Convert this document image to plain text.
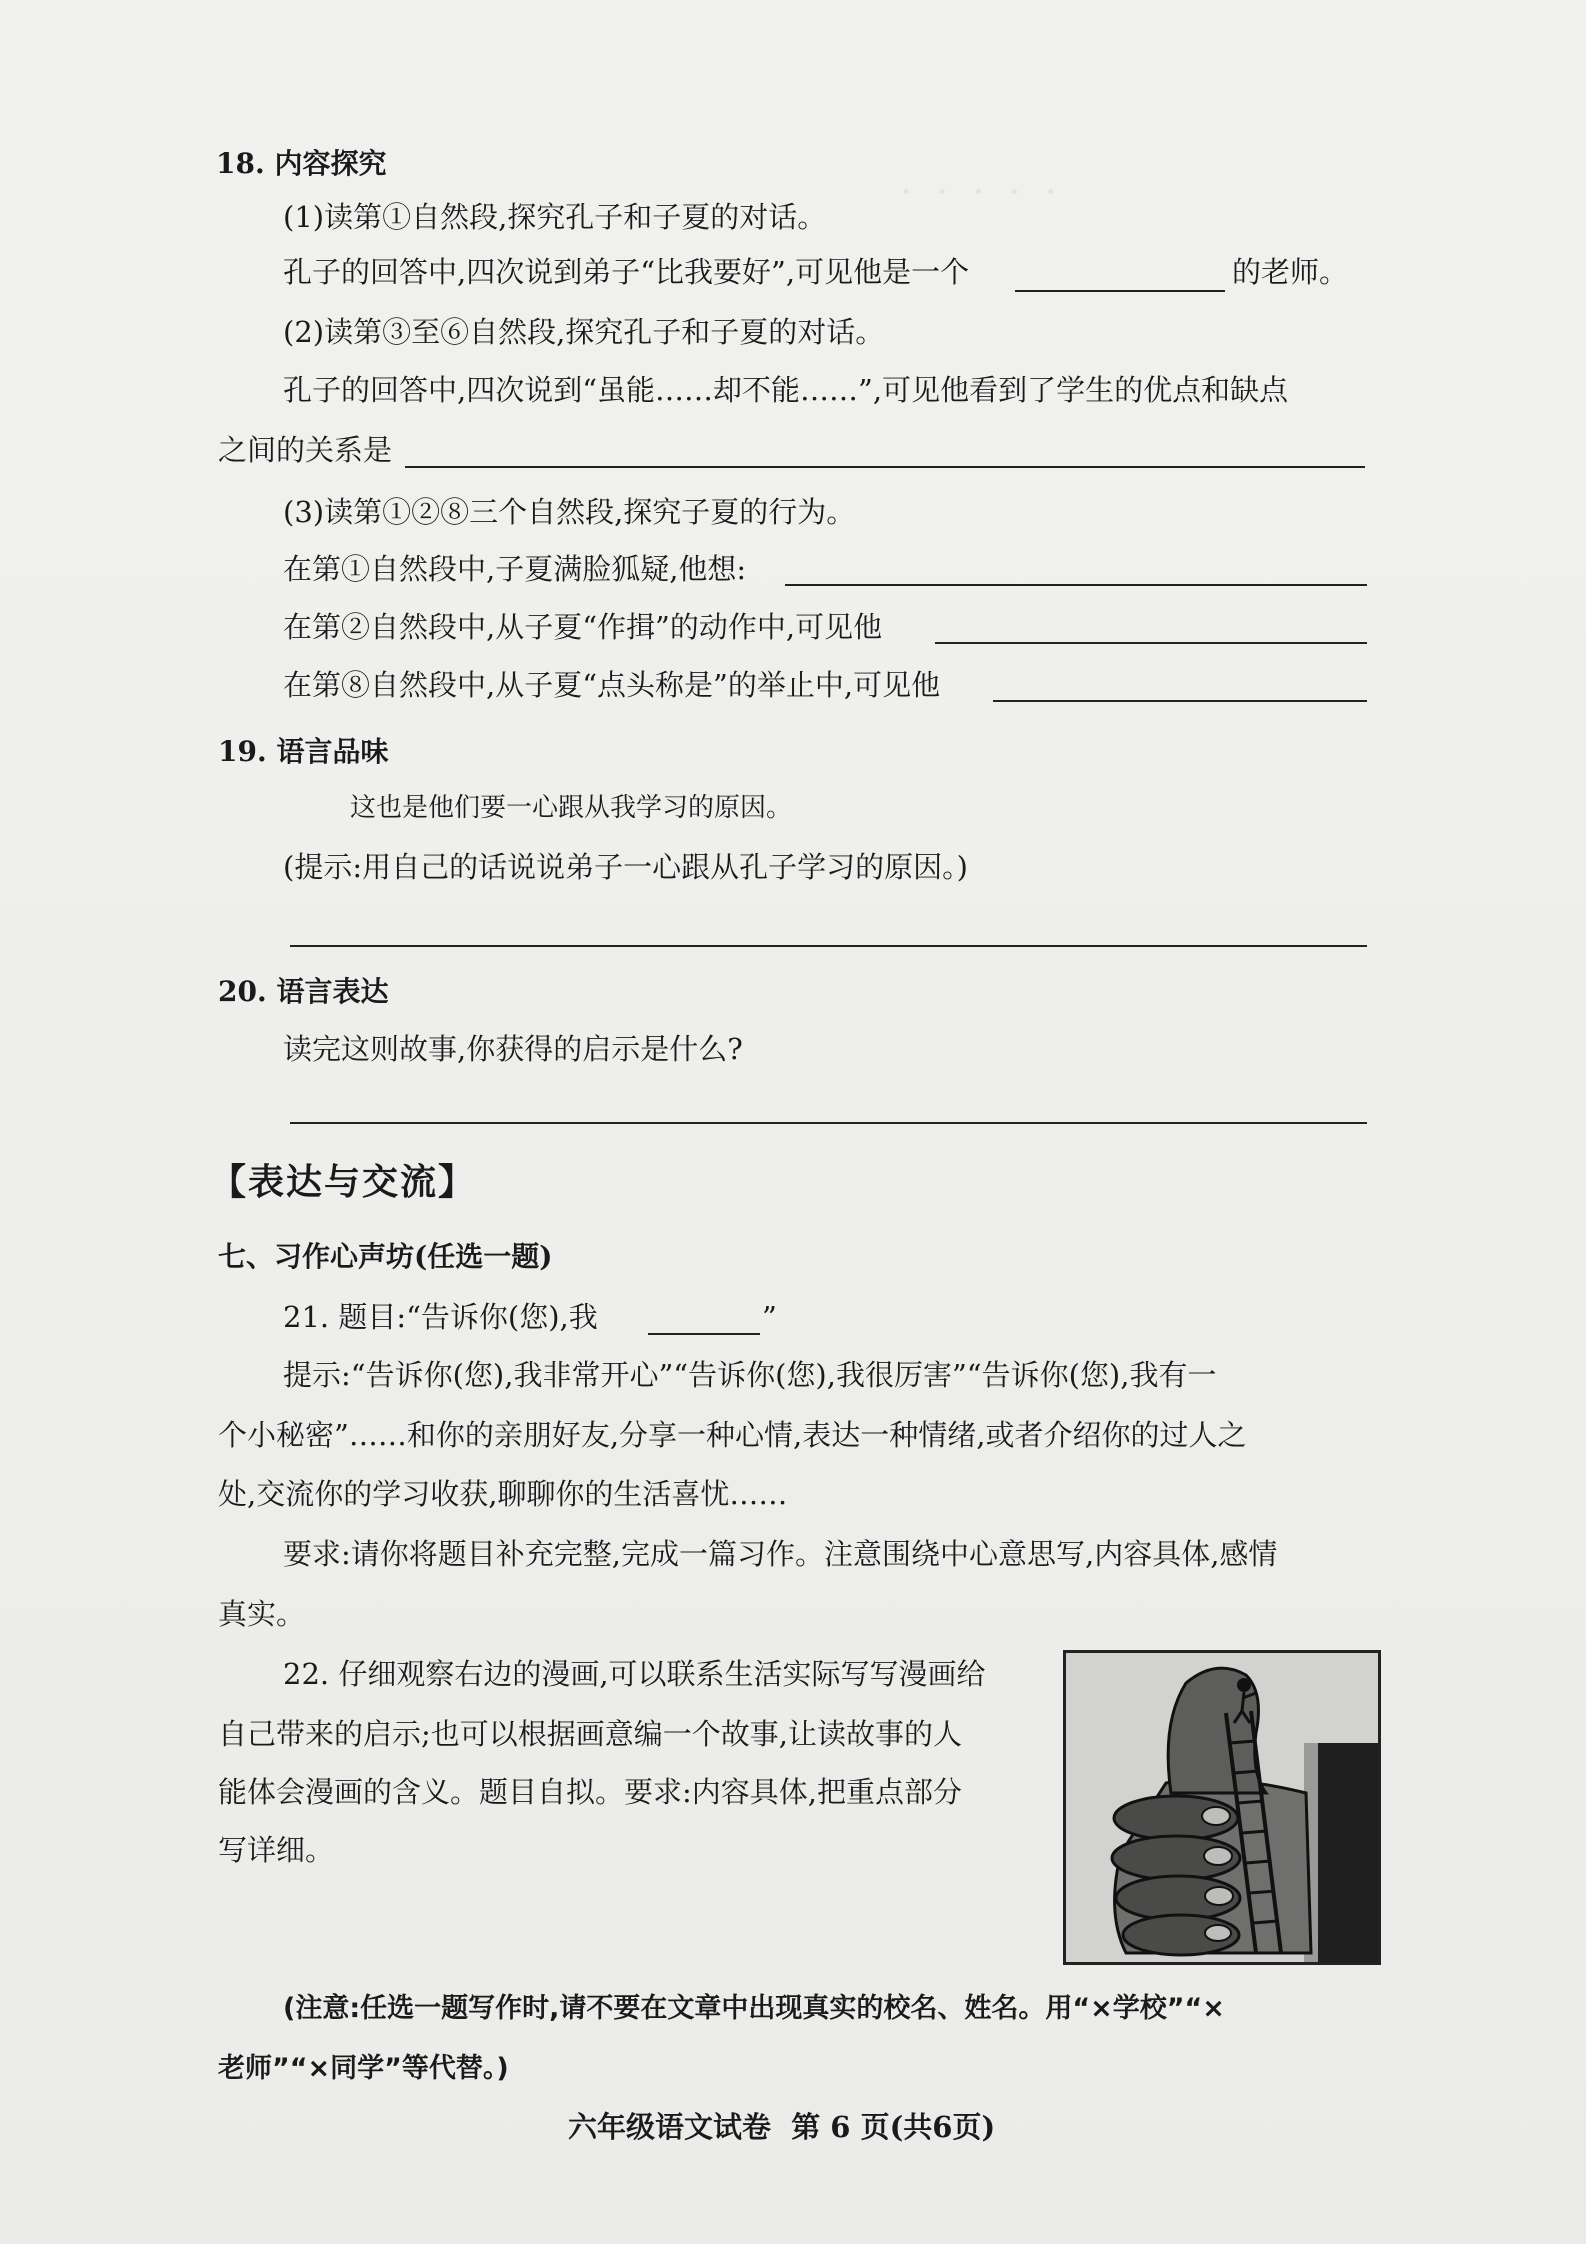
· · · · ·
18. 内容探究
(1)读第①自然段,探究孔子和子夏的对话。
孔子的回答中,四次说到弟子“比我要好”,可见他是一个	的老师。
(2)读第③至⑥自然段,探究孔子和子夏的对话。
孔子的回答中,四次说到“虽能……却不能……”,可见他看到了学生的优点和缺点
之间的关系是
(3)读第①②⑧三个自然段,探究子夏的行为。
在第①自然段中,子夏满脸狐疑,他想:
在第②自然段中,从子夏“作揖”的动作中,可见他
在第⑧自然段中,从子夏“点头称是”的举止中,可见他
19. 语言品味
这也是他们要一心跟从我学习的原因。
(提示:用自己的话说说弟子一心跟从孔子学习的原因。)
20. 语言表达
读完这则故事,你获得的启示是什么?
【表达与交流】
七、习作心声坊(任选一题)
21. 题目:“告诉你(您),我	”
提示:“告诉你(您),我非常开心”“告诉你(您),我很厉害”“告诉你(您),我有一
个小秘密”……和你的亲朋好友,分享一种心情,表达一种情绪,或者介绍你的过人之
处,交流你的学习收获,聊聊你的生活喜忧……
要求:请你将题目补充完整,完成一篇习作。注意围绕中心意思写,内容具体,感情
真实。
22. 仔细观察右边的漫画,可以联系生活实际写写漫画给
自己带来的启示;也可以根据画意编一个故事,让读故事的人
能体会漫画的含义。题目自拟。要求:内容具体,把重点部分
写详细。
(注意:任选一题写作时,请不要在文章中出现真实的校名、姓名。用“×学校”“×
老师”“×同学”等代替。)
六年级语文试卷  第 6 页(共6页)
